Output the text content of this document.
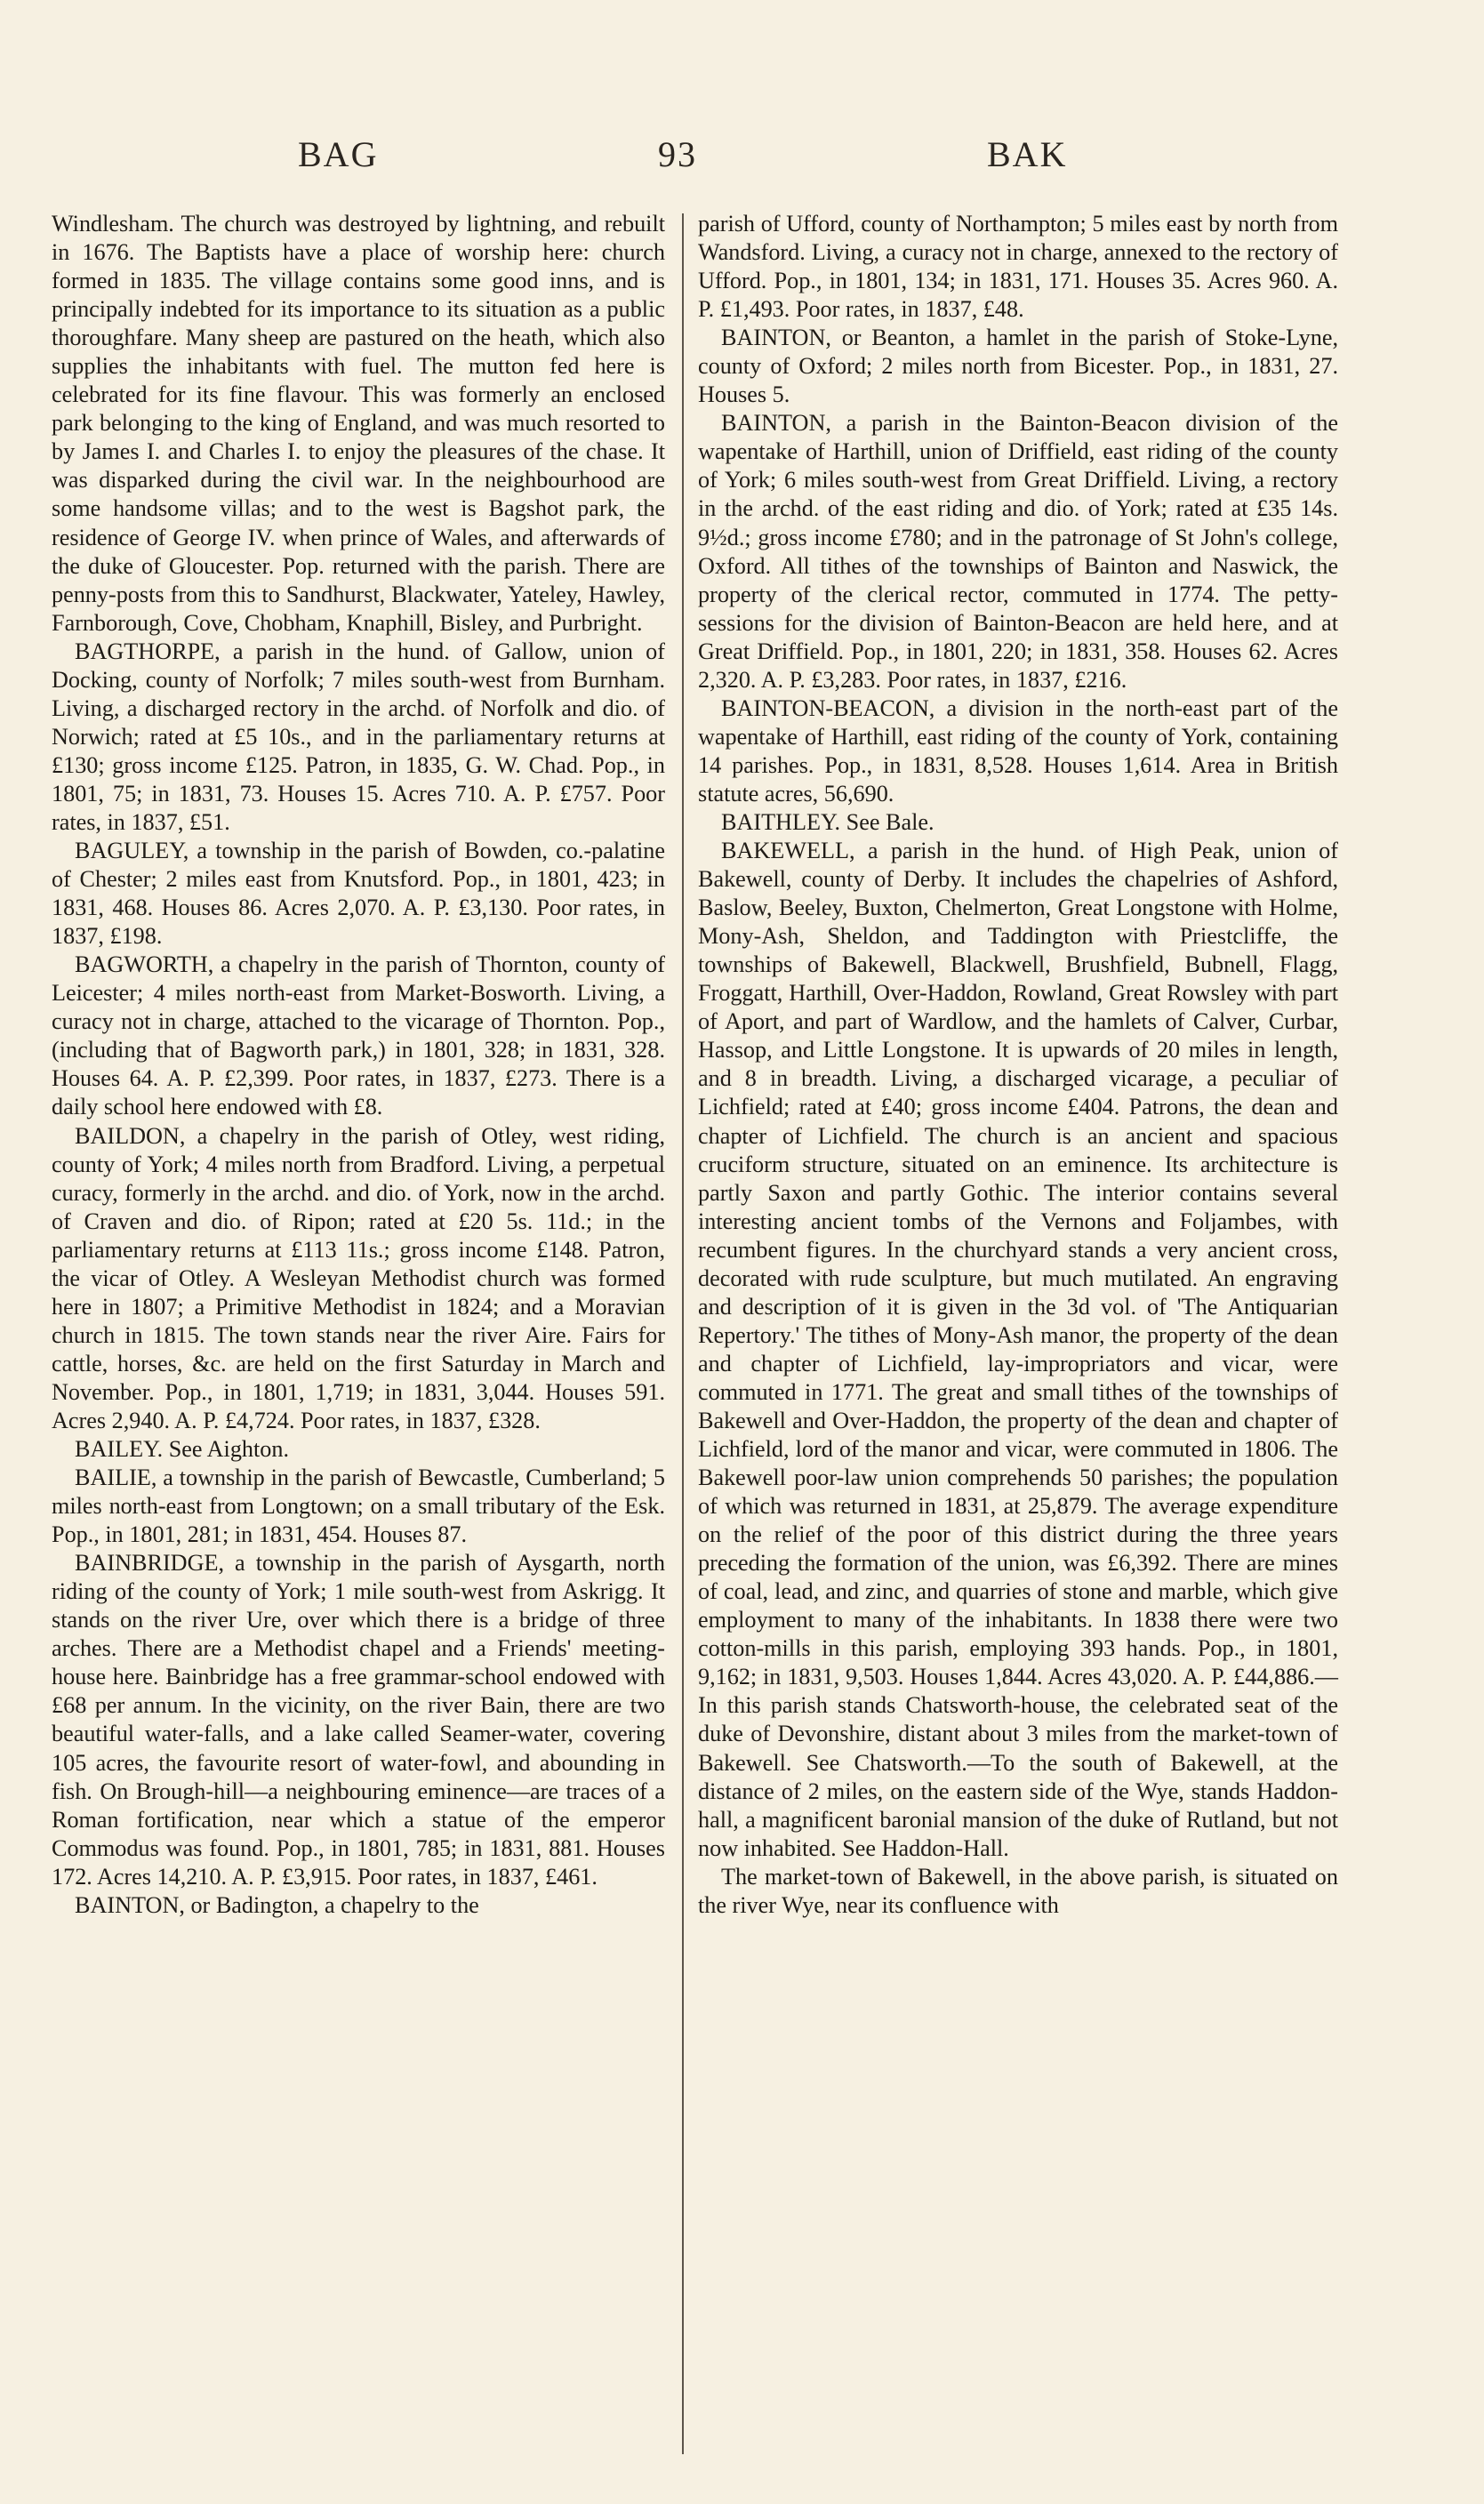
BAG	93	BAK

Windlesham. The church was destroyed by lightning, and rebuilt in 1676. The Baptists have a place of worship here: church formed in 1835. The village contains some good inns, and is principally indebted for its importance to its situation as a public thoroughfare. Many sheep are pastured on the heath, which also supplies the inhabitants with fuel. The mutton fed here is celebrated for its fine flavour. This was formerly an enclosed park belonging to the king of England, and was much resorted to by James I. and Charles I. to enjoy the pleasures of the chase. It was disparked during the civil war. In the neighbourhood are some handsome villas; and to the west is Bagshot park, the residence of George IV. when prince of Wales, and afterwards of the duke of Gloucester. Pop. returned with the parish. There are penny-posts from this to Sandhurst, Blackwater, Yateley, Hawley, Farnborough, Cove, Chobham, Knaphill, Bisley, and Purbright.

BAGTHORPE, a parish in the hund. of Gallow, union of Docking, county of Norfolk; 7 miles south-west from Burnham. Living, a discharged rectory in the archd. of Norfolk and dio. of Norwich; rated at £5 10s., and in the parliamentary returns at £130; gross income £125. Patron, in 1835, G. W. Chad. Pop., in 1801, 75; in 1831, 73. Houses 15. Acres 710. A. P. £757. Poor rates, in 1837, £51.

BAGULEY, a township in the parish of Bowden, co.-palatine of Chester; 2 miles east from Knutsford. Pop., in 1801, 423; in 1831, 468. Houses 86. Acres 2,070. A. P. £3,130. Poor rates, in 1837, £198.

BAGWORTH, a chapelry in the parish of Thornton, county of Leicester; 4 miles north-east from Market-Bosworth. Living, a curacy not in charge, attached to the vicarage of Thornton. Pop., (including that of Bagworth park,) in 1801, 328; in 1831, 328. Houses 64. A. P. £2,399. Poor rates, in 1837, £273. There is a daily school here endowed with £8.

BAILDON, a chapelry in the parish of Otley, west riding, county of York; 4 miles north from Bradford. Living, a perpetual curacy, formerly in the archd. and dio. of York, now in the archd. of Craven and dio. of Ripon; rated at £20 5s. 11d.; in the parliamentary returns at £113 11s.; gross income £148. Patron, the vicar of Otley. A Wesleyan Methodist church was formed here in 1807; a Primitive Methodist in 1824; and a Moravian church in 1815. The town stands near the river Aire. Fairs for cattle, horses, &c. are held on the first Saturday in March and November. Pop., in 1801, 1,719; in 1831, 3,044. Houses 591. Acres 2,940. A. P. £4,724. Poor rates, in 1837, £328.

BAILEY. See Aighton.

BAILIE, a township in the parish of Bewcastle, Cumberland; 5 miles north-east from Longtown; on a small tributary of the Esk. Pop., in 1801, 281; in 1831, 454. Houses 87.

BAINBRIDGE, a township in the parish of Aysgarth, north riding of the county of York; 1 mile south-west from Askrigg. It stands on the river Ure, over which there is a bridge of three arches. There are a Methodist chapel and a Friends' meeting-house here. Bainbridge has a free grammar-school endowed with £68 per annum. In the vicinity, on the river Bain, there are two beautiful water-falls, and a lake called Seamer-water, covering 105 acres, the favourite resort of water-fowl, and abounding in fish. On Brough-hill—a neighbouring eminence—are traces of a Roman fortification, near which a statue of the emperor Commodus was found. Pop., in 1801, 785; in 1831, 881. Houses 172. Acres 14,210. A. P. £3,915. Poor rates, in 1837, £461.

BAINTON, or Badington, a chapelry to the

parish of Ufford, county of Northampton; 5 miles east by north from Wandsford. Living, a curacy not in charge, annexed to the rectory of Ufford. Pop., in 1801, 134; in 1831, 171. Houses 35. Acres 960. A. P. £1,493. Poor rates, in 1837, £48.

BAINTON, or Beanton, a hamlet in the parish of Stoke-Lyne, county of Oxford; 2 miles north from Bicester. Pop., in 1831, 27. Houses 5.

BAINTON, a parish in the Bainton-Beacon division of the wapentake of Harthill, union of Driffield, east riding of the county of York; 6 miles south-west from Great Driffield. Living, a rectory in the archd. of the east riding and dio. of York; rated at £35 14s. 9½d.; gross income £780; and in the patronage of St John's college, Oxford. All tithes of the townships of Bainton and Naswick, the property of the clerical rector, commuted in 1774. The petty-sessions for the division of Bainton-Beacon are held here, and at Great Driffield. Pop., in 1801, 220; in 1831, 358. Houses 62. Acres 2,320. A. P. £3,283. Poor rates, in 1837, £216.

BAINTON-BEACON, a division in the north-east part of the wapentake of Harthill, east riding of the county of York, containing 14 parishes. Pop., in 1831, 8,528. Houses 1,614. Area in British statute acres, 56,690.

BAITHLEY. See Bale.

BAKEWELL, a parish in the hund. of High Peak, union of Bakewell, county of Derby. It includes the chapelries of Ashford, Baslow, Beeley, Buxton, Chelmerton, Great Longstone with Holme, Mony-Ash, Sheldon, and Taddington with Priestcliffe, the townships of Bakewell, Blackwell, Brushfield, Bubnell, Flagg, Froggatt, Harthill, Over-Haddon, Rowland, Great Rowsley with part of Aport, and part of Wardlow, and the hamlets of Calver, Curbar, Hassop, and Little Longstone. It is upwards of 20 miles in length, and 8 in breadth. Living, a discharged vicarage, a peculiar of Lichfield; rated at £40; gross income £404. Patrons, the dean and chapter of Lichfield. The church is an ancient and spacious cruciform structure, situated on an eminence. Its architecture is partly Saxon and partly Gothic. The interior contains several interesting ancient tombs of the Vernons and Foljambes, with recumbent figures. In the churchyard stands a very ancient cross, decorated with rude sculpture, but much mutilated. An engraving and description of it is given in the 3d vol. of 'The Antiquarian Repertory.' The tithes of Mony-Ash manor, the property of the dean and chapter of Lichfield, lay-impropriators and vicar, were commuted in 1771. The great and small tithes of the townships of Bakewell and Over-Haddon, the property of the dean and chapter of Lichfield, lord of the manor and vicar, were commuted in 1806. The Bakewell poor-law union comprehends 50 parishes; the population of which was returned in 1831, at 25,879. The average expenditure on the relief of the poor of this district during the three years preceding the formation of the union, was £6,392. There are mines of coal, lead, and zinc, and quarries of stone and marble, which give employment to many of the inhabitants. In 1838 there were two cotton-mills in this parish, employing 393 hands. Pop., in 1801, 9,162; in 1831, 9,503. Houses 1,844. Acres 43,020. A. P. £44,886.—In this parish stands Chatsworth-house, the celebrated seat of the duke of Devonshire, distant about 3 miles from the market-town of Bakewell. See Chatsworth.—To the south of Bakewell, at the distance of 2 miles, on the eastern side of the Wye, stands Haddon-hall, a magnificent baronial mansion of the duke of Rutland, but not now inhabited. See Haddon-Hall.

The market-town of Bakewell, in the above parish, is situated on the river Wye, near its confluence with
